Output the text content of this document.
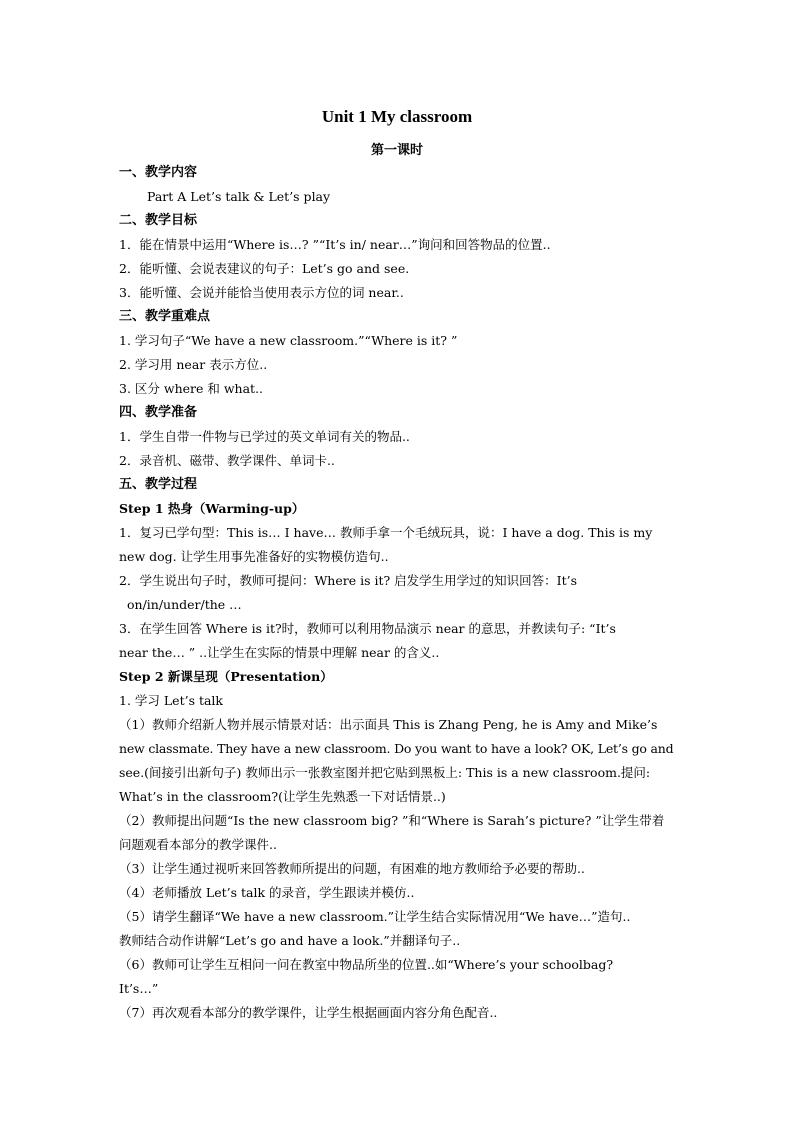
Unit 1 My classroom
第一课时
一、教学内容
Part A Let’s talk & Let’s play
二、教学目标
1．能在情景中运用“Where is…? ”“It’s in/ near…”询问和回答物品的位置..
2．能听懂、会说表建议的句子：Let’s go and see.
3．能听懂、会说并能恰当使用表示方位的词 near..
三、教学重难点
1. 学习句子“We have a new classroom.”“Where is it? ”
2. 学习用 near 表示方位..
3. 区分 where 和 what..
四、教学准备
1．学生自带一件物与已学过的英文单词有关的物品..
2．录音机、磁带、教学课件、单词卡..
五、教学过程
Step 1 热身（Warming-up）
1．复习已学句型：This is… I have… 教师手拿一个毛绒玩具，说：I have a dog. This is my
new dog. 让学生用事先准备好的实物模仿造句..
2．学生说出句子时，教师可提问：Where is it? 启发学生用学过的知识回答：It’s
on/in/under/the …
3．在学生回答 Where is it?时，教师可以利用物品演示 near 的意思，并教读句子: “It’s
near the… ” ..让学生在实际的情景中理解 near 的含义..
Step 2 新课呈现（Presentation）
1. 学习 Let’s talk
（1）教师介绍新人物并展示情景对话：出示面具 This is Zhang Peng, he is Amy and Mike’s
new classmate. They have a new classroom. Do you want to have a look? OK, Let’s go and
see.(间接引出新句子) 教师出示一张教室图并把它贴到黑板上: This is a new classroom.提问:
What’s in the classroom?(让学生先熟悉一下对话情景..)
（2）教师提出问题“Is the new classroom big? ”和“Where is Sarah’s picture? ”让学生带着
问题观看本部分的教学课件..
（3）让学生通过视听来回答教师所提出的问题，有困难的地方教师给予必要的帮助..
（4）老师播放 Let’s talk 的录音，学生跟读并模仿..
（5）请学生翻译“We have a new classroom.”让学生结合实际情况用“We have…”造句..
教师结合动作讲解“Let’s go and have a look.”并翻译句子..
（6）教师可让学生互相问一问在教室中物品所坐的位置..如“Where’s your schoolbag?
It’s…”
（7）再次观看本部分的教学课件，让学生根据画面内容分角色配音..
